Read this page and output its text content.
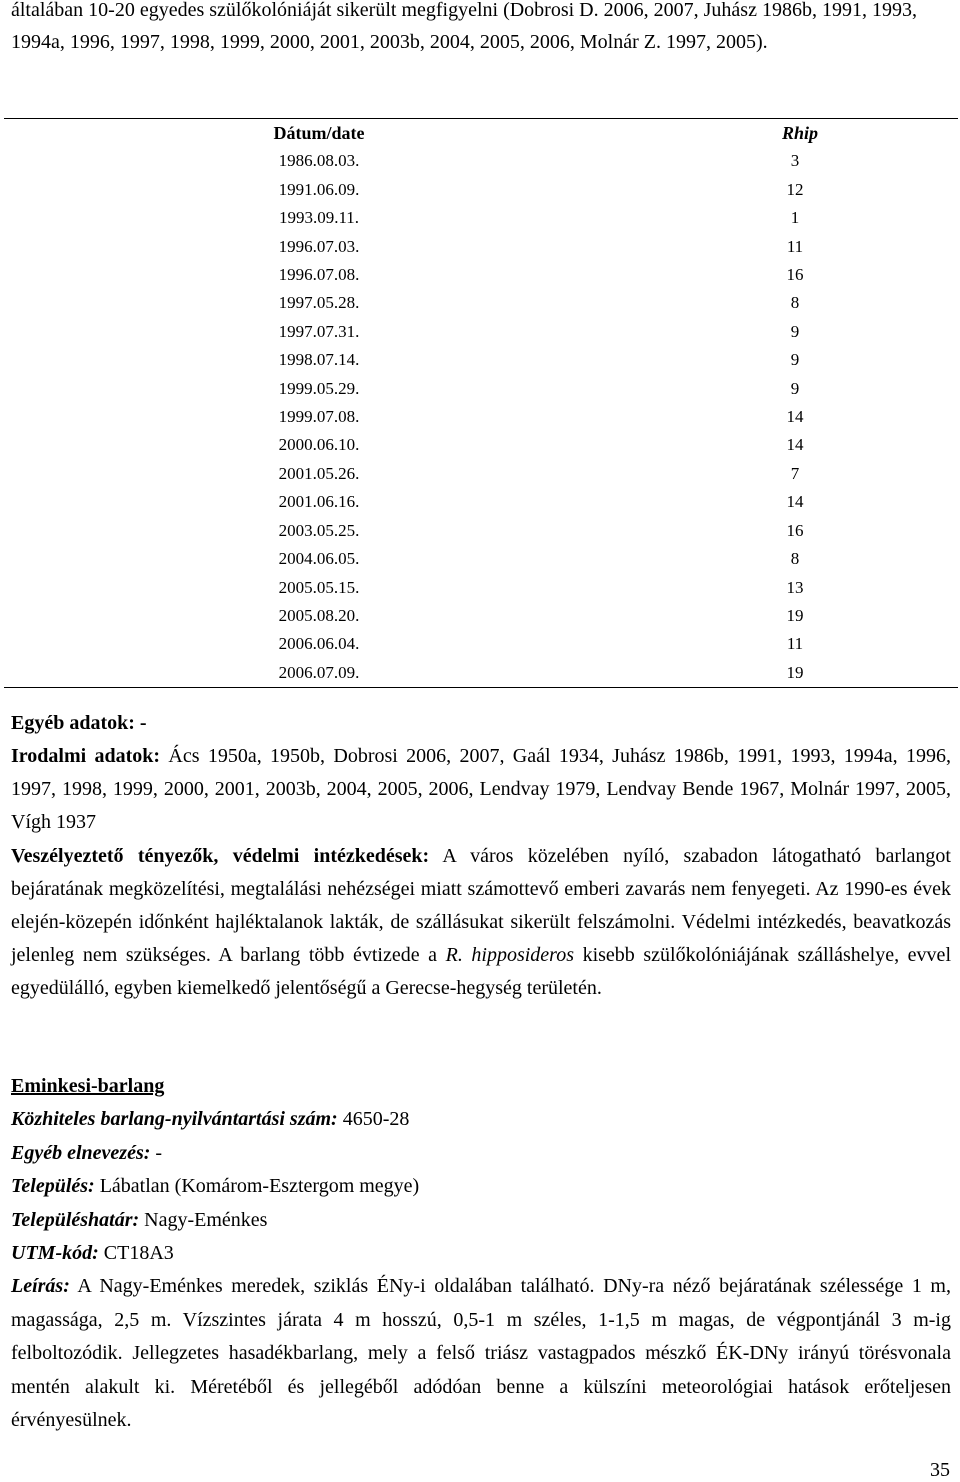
általában 10-20 egyedes szülőkolóniáját sikerült megfigyelni (Dobrosi D. 2006, 2007, Juhász 1986b, 1991, 1993, 1994a, 1996, 1997, 1998, 1999, 2000, 2001, 2003b, 2004, 2005, 2006, Molnár Z. 1997, 2005).
Dátum/date	Rhip
1986.08.03.	3
1991.06.09.	12
1993.09.11.	1
1996.07.03.	11
1996.07.08.	16
1997.05.28.	8
1997.07.31.	9
1998.07.14.	9
1999.05.29.	9
1999.07.08.	14
2000.06.10.	14
2001.05.26.	7
2001.06.16.	14
2003.05.25.	16
2004.06.05.	8
2005.05.15.	13
2005.08.20.	19
2006.06.04.	11
2006.07.09.	19
Egyéb adatok: -
Irodalmi adatok: Ács 1950a, 1950b, Dobrosi 2006, 2007, Gaál 1934, Juhász 1986b, 1991, 1993, 1994a, 1996, 1997, 1998, 1999, 2000, 2001, 2003b, 2004, 2005, 2006, Lendvay 1979, Lendvay Bende 1967, Molnár 1997, 2005, Vígh 1937
Veszélyeztető tényezők, védelmi intézkedések: A város közelében nyíló, szabadon látogatható barlangot bejáratának megközelítési, megtalálási nehézségei miatt számottevő emberi zavarás nem fenyegeti. Az 1990-es évek elején-közepén időnként hajléktalanok lakták, de szállásukat sikerült felszámolni. Védelmi intézkedés, beavatkozás jelenleg nem szükséges. A barlang több évtizede a R. hipposideros kisebb szülőkolóniájának szálláshelye, evvel egyedülálló, egyben kiemelkedő jelentőségű a Gerecse-hegység területén.
Eminkesi-barlang
Közhiteles barlang-nyilvántartási szám: 4650-28
Egyéb elnevezés: -
Település: Lábatlan (Komárom-Esztergom megye)
Településhatár: Nagy-Eménkes
UTM-kód: CT18A3
Leírás: A Nagy-Eménkes meredek, sziklás ÉNy-i oldalában található. DNy-ra néző bejáratának szélessége 1 m, magassága, 2,5 m. Vízszintes járata 4 m hosszú, 0,5-1 m széles, 1-1,5 m magas, de végpontjánál 3 m-ig felboltozódik. Jellegzetes hasadékbarlang, mely a felső triász vastagpados mészkő ÉK-DNy irányú törésvonala mentén alakult ki. Méretéből és jellegéből adódóan benne a külszíni meteorológiai hatások erőteljesen érvényesülnek.
35
